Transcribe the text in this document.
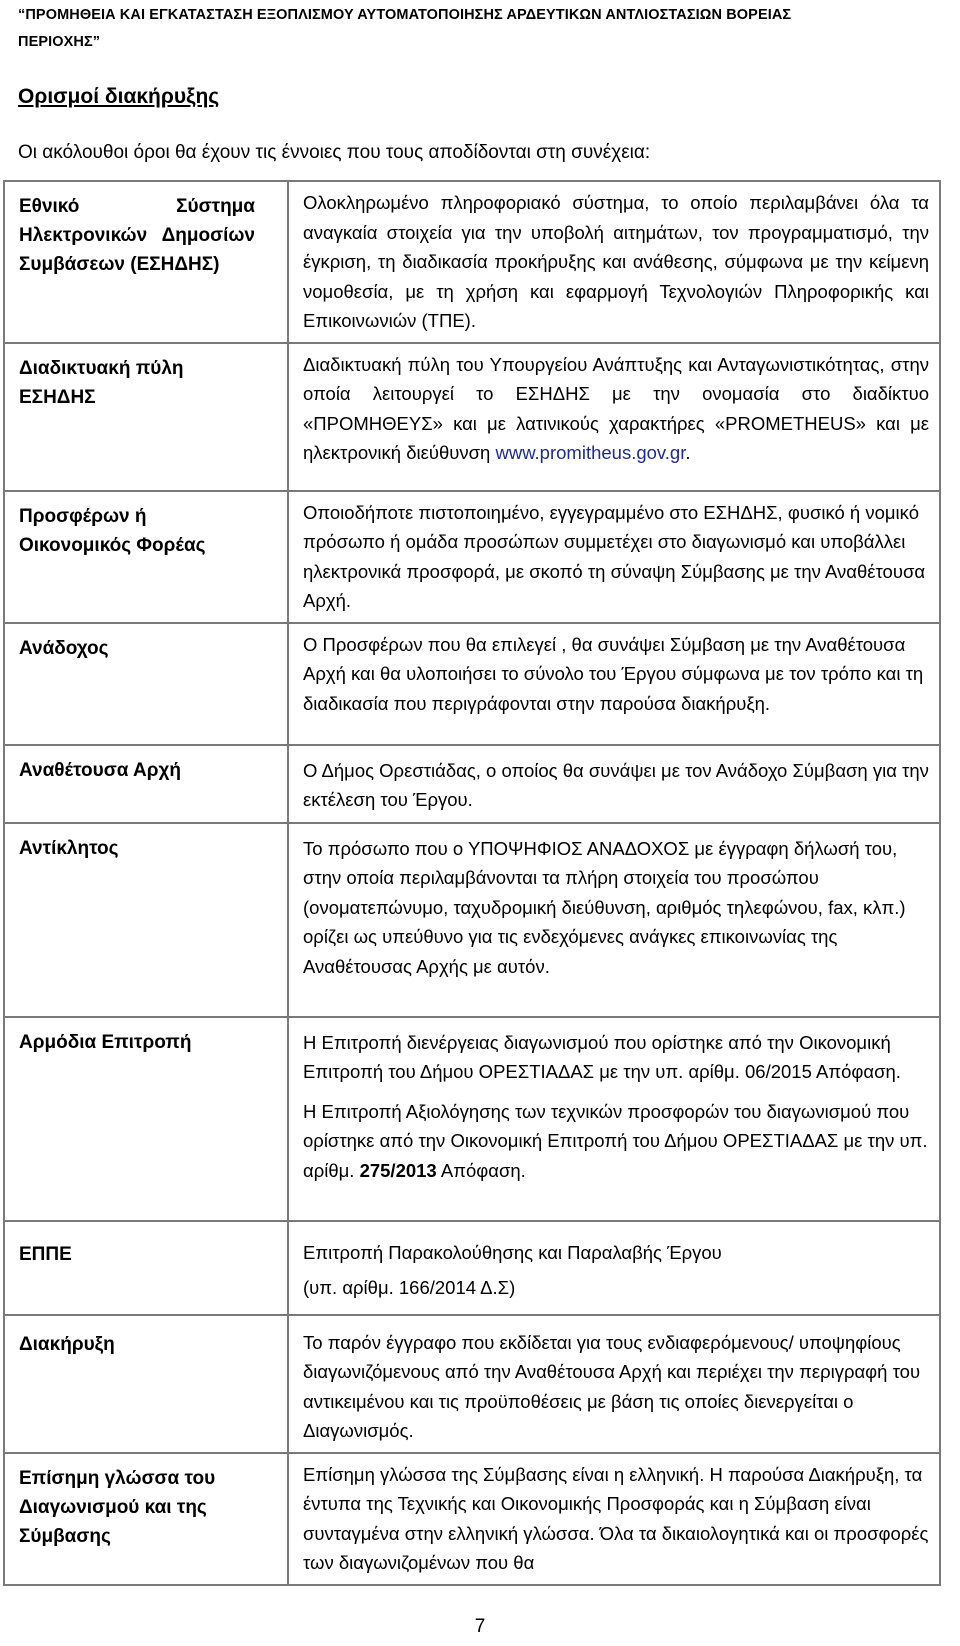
“ΠΡΟΜΗΘΕΙΑ ΚΑΙ ΕΓΚΑΤΑΣΤΑΣΗ ΕΞΟΠΛΙΣΜΟΥ ΑΥΤΟΜΑΤΟΠΟΙΗΣΗΣ ΑΡΔΕΥΤΙΚΩΝ ΑΝΤΛΙΟΣΤΑΣΙΩΝ ΒΟΡΕΙΑΣ
ΠΕΡΙΟΧΗΣ”
Ορισμοί διακήρυξης
Οι ακόλουθοι όροι θα έχουν τις έννοιες που τους αποδίδονται στη συνέχεια:
Εθνικό Σύστημα Ηλεκτρονικών Δημοσίων Συμβάσεων (ΕΣΗΔΗΣ)	Ολοκληρωμένο πληροφοριακό σύστημα, το οποίο περιλαμβάνει όλα τα αναγκαία στοιχεία για την υποβολή αιτημάτων, τον προγραμματισμό, την έγκριση, τη διαδικασία προκήρυξης και ανάθεσης, σύμφωνα με την κείμενη νομοθεσία, με τη χρήση και εφαρμογή Τεχνολογιών Πληροφορικής και Επικοινωνιών (ΤΠΕ).

Διαδικτυακή πύλη ΕΣΗΔΗΣ	Διαδικτυακή πύλη του Υπουργείου Ανάπτυξης και Ανταγωνιστικότητας, στην οποία λειτουργεί το ΕΣΗΔΗΣ με την ονομασία στο διαδίκτυο «ΠΡΟΜΗΘΕΥΣ» και με λατινικούς χαρακτήρες «PROMETHEUS» και με ηλεκτρονική διεύθυνση www.promitheus.gov.gr.

Προσφέρων ή Οικονομικός Φορέας	Οποιοδήποτε πιστοποιημένο, εγγεγραμμένο στο ΕΣΗΔΗΣ, φυσικό ή νομικό πρόσωπο ή ομάδα προσώπων συμμετέχει στο διαγωνισμό και υποβάλλει ηλεκτρονικά προσφορά, με σκοπό τη σύναψη Σύμβασης με την Αναθέτουσα Αρχή.
Ανάδοχος	Ο Προσφέρων που θα επιλεγεί , θα συνάψει Σύμβαση με την Αναθέτουσα Αρχή και θα υλοποιήσει το σύνολο του Έργου σύμφωνα με τον τρόπο και τη διαδικασία που περιγράφονται στην παρούσα διακήρυξη.
Αναθέτουσα Αρχή	Ο Δήμος Ορεστιάδας, ο οποίος θα συνάψει με τον Ανάδοχο Σύμβαση για την εκτέλεση του Έργου.
Αντίκλητος	Το πρόσωπο που ο ΥΠΟΨΗΦΙΟΣ ΑΝΑΔΟΧΟΣ με έγγραφη δήλωσή του, στην οποία περιλαμβάνονται τα πλήρη στοιχεία του προσώπου (ονοματεπώνυμο, ταχυδρομική διεύθυνση, αριθμός τηλεφώνου, fax, κλπ.) ορίζει ως υπεύθυνο για τις ενδεχόμενες ανάγκες επικοινωνίας της Αναθέτουσας Αρχής με αυτόν.
Αρμόδια Επιτροπή	Η Επιτροπή διενέργειας διαγωνισμού που ορίστηκε από την Οικονομική Επιτροπή του Δήμου ΟΡΕΣΤΙΑΔΑΣ με την υπ. αρίθμ. 06/2015 Απόφαση.
Η Επιτροπή Αξιολόγησης των τεχνικών προσφορών του διαγωνισμού που ορίστηκε από την Οικονομική Επιτροπή του Δήμου ΟΡΕΣΤΙΑΔΑΣ με την υπ. αρίθμ. 275/2013 Απόφαση.

ΕΠΠΕ	Επιτροπή Παρακολούθησης και Παραλαβής Έργου
(υπ. αρίθμ. 166/2014 Δ.Σ)

Διακήρυξη	Το παρόν έγγραφο που εκδίδεται για τους ενδιαφερόμενους/ υποψηφίους διαγωνιζόμενους από την Αναθέτουσα Αρχή και περιέχει την περιγραφή του αντικειμένου και τις προϋποθέσεις με βάση τις οποίες διενεργείται ο Διαγωνισμός.

Επίσημη γλώσσα του Διαγωνισμού και της Σύμβασης	Επίσημη γλώσσα της Σύμβασης είναι η ελληνική. Η παρούσα Διακήρυξη, τα έντυπα της Τεχνικής και Οικονομικής Προσφοράς και η Σύμβαση είναι συνταγμένα στην ελληνική γλώσσα. Όλα τα δικαιολογητικά και οι προσφορές των διαγωνιζομένων που θα
7
